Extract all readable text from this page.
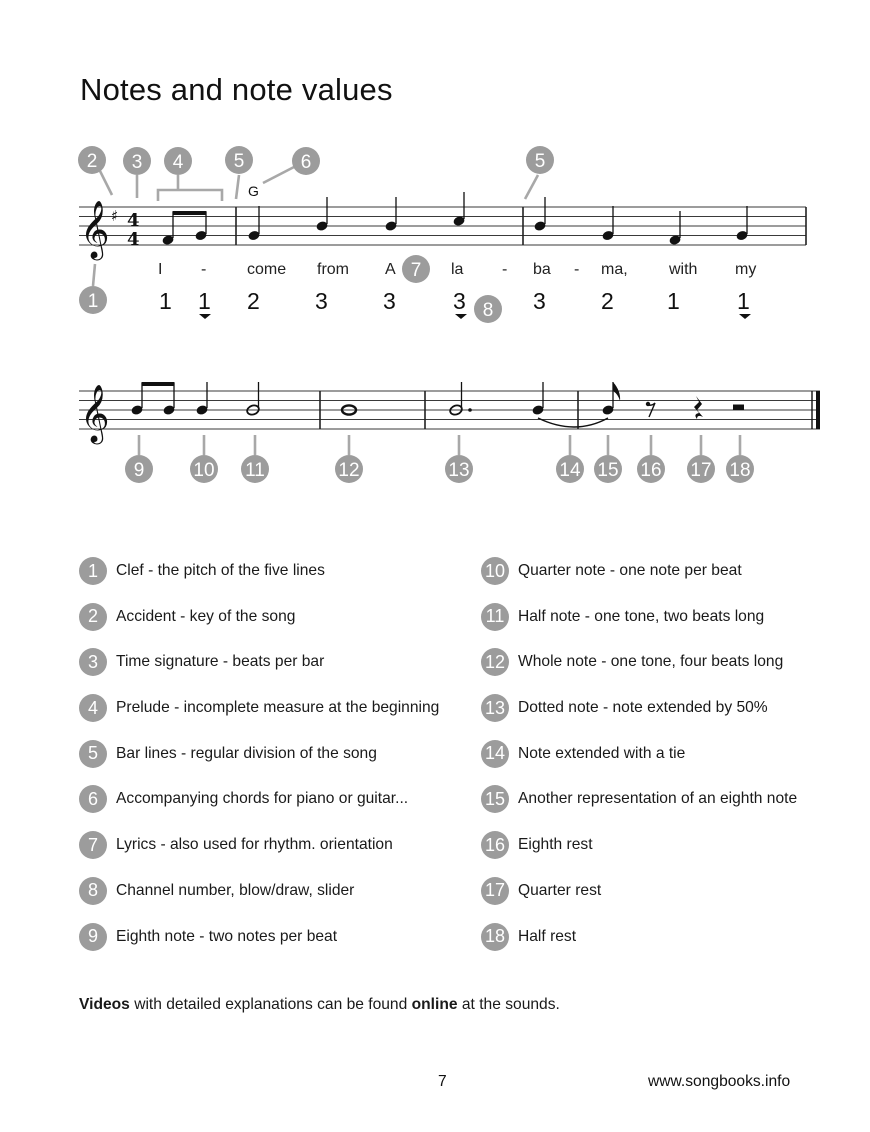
Notes and note values
𝄞 ♯ 4
4
G
I -	come from A	la - ba - ma,	with my
1 1 2 3 3 3	3 2 1 1
𝄞
1
2 3 4	5	5
6
7
8
9	10 11	12	13	14 15 16 17 18
1	Clef - the pitch of the five lines
2	Accident - key of the song
3	Time signature - beats per bar
4	Prelude - incomplete measure at the beginning
5	Bar lines - regular division of the song
6	Accompanying chords for piano or guitar...
7	Lyrics - also used for rhythm. orientation
8	Channel number, blow/draw, slider
9	Eighth note - two notes per beat
10 Quarter note - one note per beat
11 Half note - one tone, two beats long
12 Whole note - one tone, four beats long
13 Dotted note - note extended by 50%
14 Note extended with a tie
15 Another representation of an eighth note
16 Eighth rest
17 Quarter rest
18 Half rest
Videos with detailed explanations can be found online at the sounds.
7	www.songbooks.info
